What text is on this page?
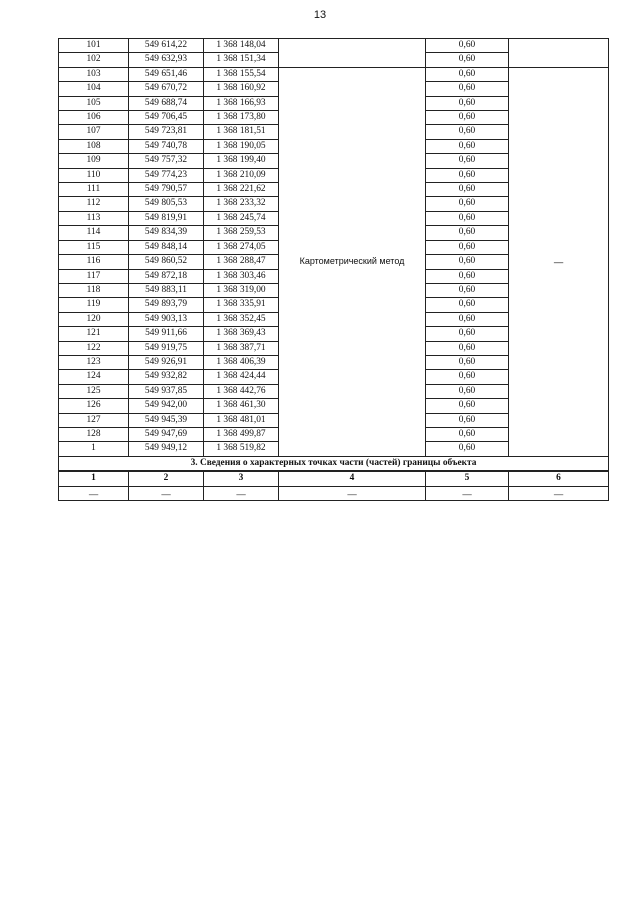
13
101	549 614,22	1 368 148,04		0,60	
102	549 632,93	1 368 151,34		0,60	
103	549 651,46	1 368 155,54	Картометрический метод	0,60	—
104	549 670,72	1 368 160,92		0,60	
105	549 688,74	1 368 166,93		0,60	
106	549 706,45	1 368 173,80		0,60	
107	549 723,81	1 368 181,51		0,60	
108	549 740,78	1 368 190,05		0,60	
109	549 757,32	1 368 199,40		0,60	
110	549 774,23	1 368 210,09		0,60	
111	549 790,57	1 368 221,62		0,60	
112	549 805,53	1 368 233,32		0,60	
113	549 819,91	1 368 245,74		0,60	
114	549 834,39	1 368 259,53		0,60	
115	549 848,14	1 368 274,05		0,60	
116	549 860,52	1 368 288,47		0,60	
117	549 872,18	1 368 303,46		0,60	
118	549 883,11	1 368 319,00		0,60	
119	549 893,79	1 368 335,91		0,60	
120	549 903,13	1 368 352,45		0,60	
121	549 911,66	1 368 369,43		0,60	
122	549 919,75	1 368 387,71		0,60	
123	549 926,91	1 368 406,39		0,60	
124	549 932,82	1 368 424,44		0,60	
125	549 937,85	1 368 442,76		0,60	
126	549 942,00	1 368 461,30		0,60	
127	549 945,39	1 368 481,01		0,60	
128	549 947,69	1 368 499,87		0,60	
1	549 949,12	1 368 519,82		0,60	
3. Сведения о характерных точках части (частей) границы объекта					
1	2	3	4	5	6
—	—	—	—	—	—
